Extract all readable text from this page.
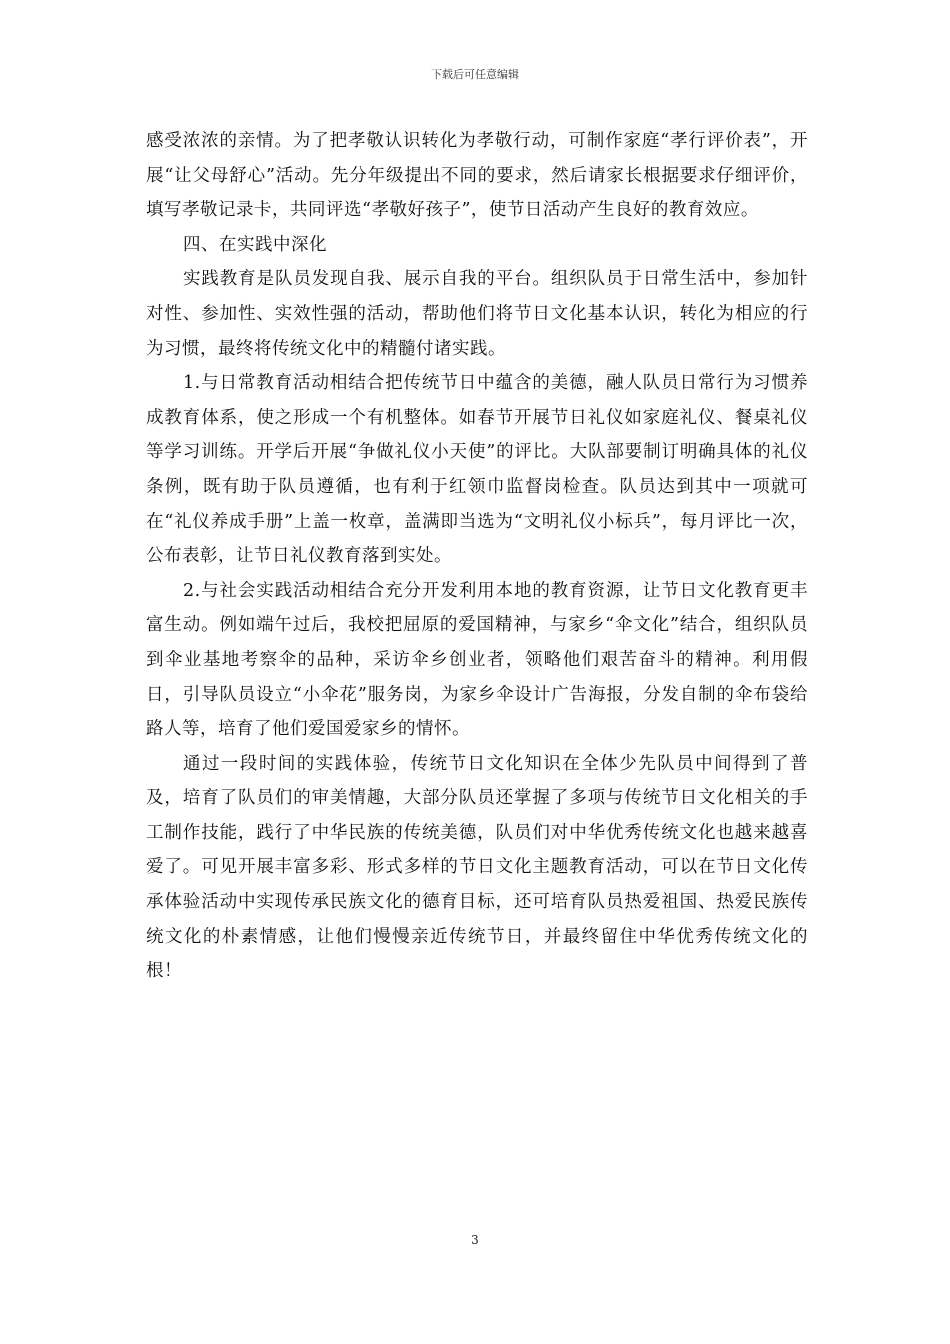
下载后可任意编辑

感受浓浓的亲情。为了把孝敬认识转化为孝敬行动，可制作家庭“孝行评价表”，开展“让父母舒心”活动。先分年级提出不同的要求，然后请家长根据要求仔细评价，填写孝敬记录卡，共同评选“孝敬好孩子”，使节日活动产生良好的教育效应。

四、在实践中深化

实践教育是队员发现自我、展示自我的平台。组织队员于日常生活中，参加针对性、参加性、实效性强的活动，帮助他们将节日文化基本认识，转化为相应的行为习惯，最终将传统文化中的精髓付诸实践。

1.与日常教育活动相结合把传统节日中蕴含的美德，融人队员日常行为习惯养成教育体系，使之形成一个有机整体。如春节开展节日礼仪如家庭礼仪、餐桌礼仪等学习训练。开学后开展“争做礼仪小天使”的评比。大队部要制订明确具体的礼仪条例，既有助于队员遵循，也有利于红领巾监督岗检查。队员达到其中一项就可在“礼仪养成手册”上盖一枚章，盖满即当选为“文明礼仪小标兵”，每月评比一次，公布表彰，让节日礼仪教育落到实处。

2.与社会实践活动相结合充分开发利用本地的教育资源，让节日文化教育更丰富生动。例如端午过后，我校把屈原的爱国精神，与家乡“伞文化”结合，组织队员到伞业基地考察伞的品种，采访伞乡创业者，领略他们艰苦奋斗的精神。利用假日，引导队员设立“小伞花”服务岗，为家乡伞设计广告海报，分发自制的伞布袋给路人等，培育了他们爱国爱家乡的情怀。

通过一段时间的实践体验，传统节日文化知识在全体少先队员中间得到了普及，培育了队员们的审美情趣，大部分队员还掌握了多项与传统节日文化相关的手工制作技能，践行了中华民族的传统美德，队员们对中华优秀传统文化也越来越喜爱了。可见开展丰富多彩、形式多样的节日文化主题教育活动，可以在节日文化传承体验活动中实现传承民族文化的德育目标，还可培育队员热爱祖国、热爱民族传统文化的朴素情感，让他们慢慢亲近传统节日，并最终留住中华优秀传统文化的根！

3
